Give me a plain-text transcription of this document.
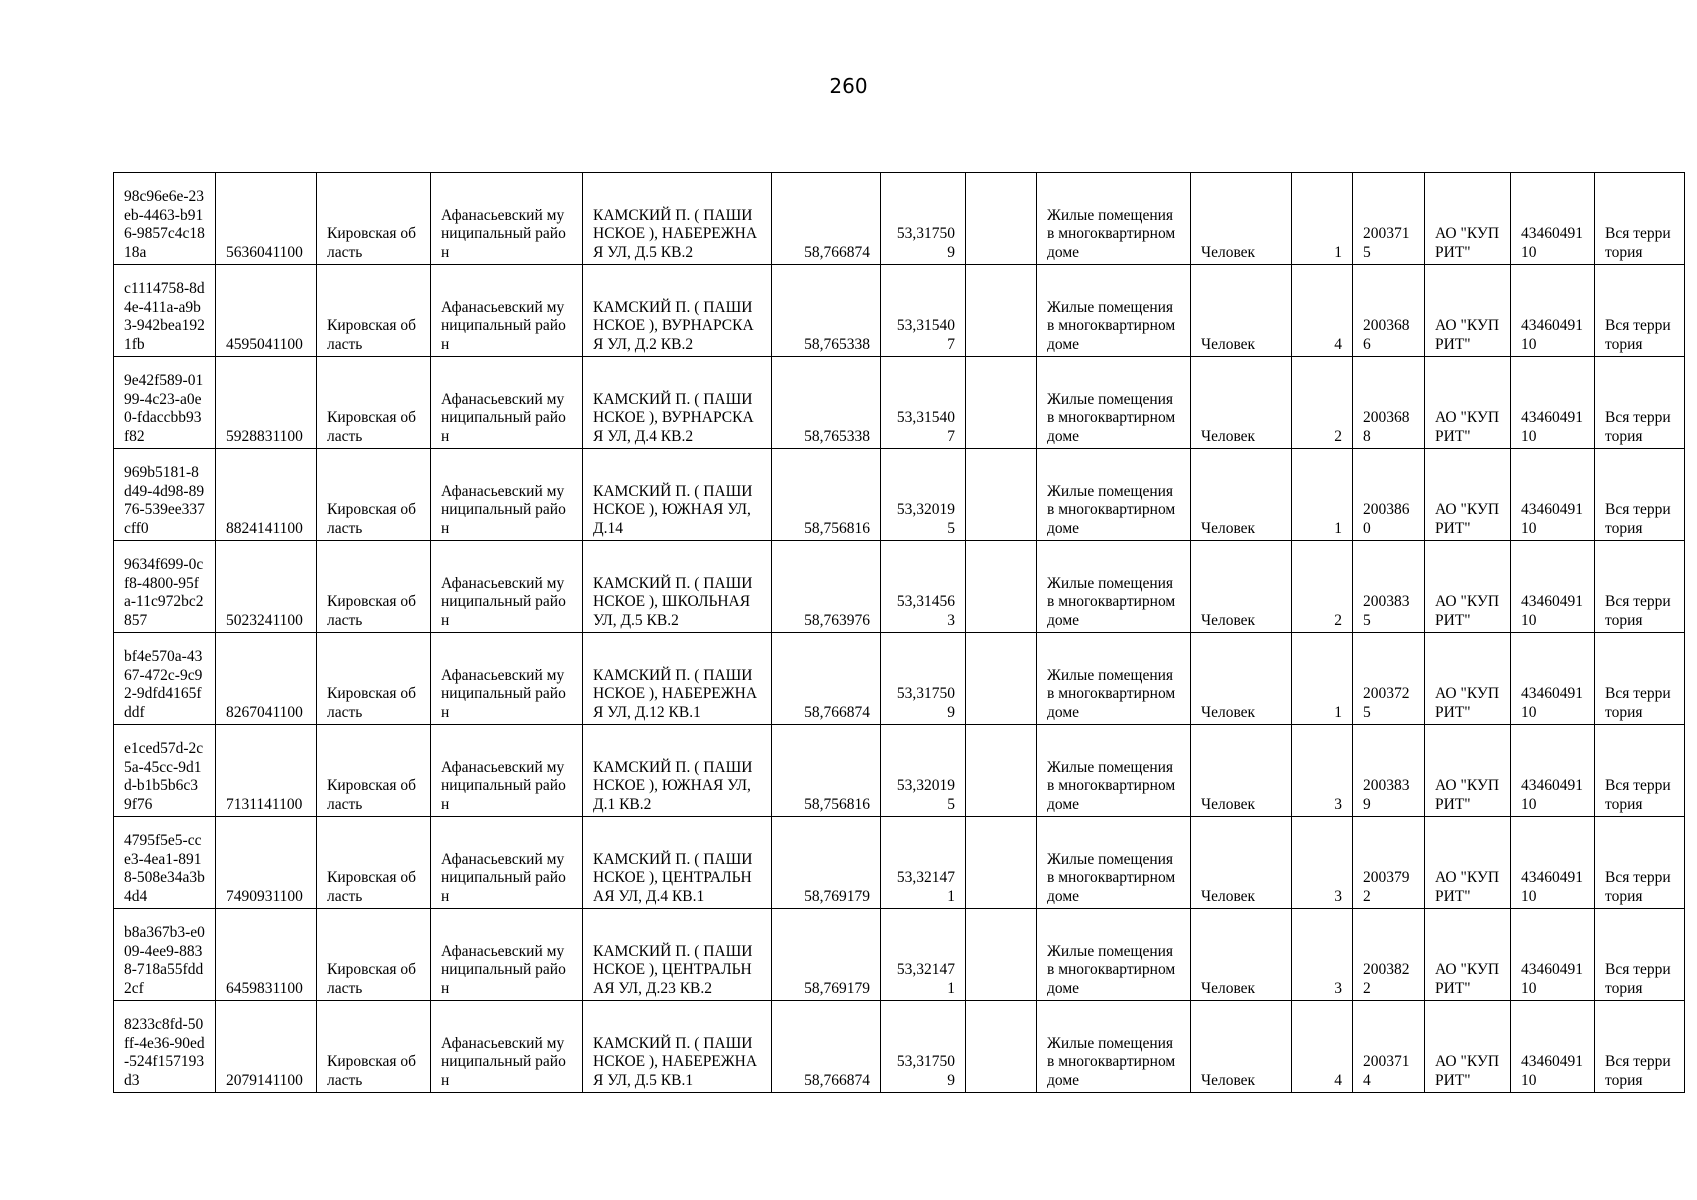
260
98c96e6e-23eb-4463-b916-9857c4c1818a	5636041100	Кировская область	Афанасьевский муниципальный район	КАМСКИЙ П. ( ПАШИНСКОЕ ), НАБЕРЕЖНАЯ УЛ, Д.5 КВ.2	58,766874	53,317509		Жилые помещения в многоквартирном доме	Человек	1	2003715	АО "КУПРИТ"	4346049110	Вся территория
c1114758-8d4e-411a-a9b3-942bea1921fb	4595041100	Кировская область	Афанасьевский муниципальный район	КАМСКИЙ П. ( ПАШИНСКОЕ ), ВУРНАРСКАЯ УЛ, Д.2 КВ.2	58,765338	53,315407		Жилые помещения в многоквартирном доме	Человек	4	2003686	АО "КУПРИТ"	4346049110	Вся территория
9e42f589-0199-4c23-a0e0-fdaccbb93f82	5928831100	Кировская область	Афанасьевский муниципальный район	КАМСКИЙ П. ( ПАШИНСКОЕ ), ВУРНАРСКАЯ УЛ, Д.4 КВ.2	58,765338	53,315407		Жилые помещения в многоквартирном доме	Человек	2	2003688	АО "КУПРИТ"	4346049110	Вся территория
969b5181-8d49-4d98-8976-539ee337cff0	8824141100	Кировская область	Афанасьевский муниципальный район	КАМСКИЙ П. ( ПАШИНСКОЕ ), ЮЖНАЯ УЛ, Д.14	58,756816	53,320195		Жилые помещения в многоквартирном доме	Человек	1	2003860	АО "КУПРИТ"	4346049110	Вся территория
9634f699-0cf8-4800-95fa-11c972bc2857	5023241100	Кировская область	Афанасьевский муниципальный район	КАМСКИЙ П. ( ПАШИНСКОЕ ), ШКОЛЬНАЯ УЛ, Д.5 КВ.2	58,763976	53,314563		Жилые помещения в многоквартирном доме	Человек	2	2003835	АО "КУПРИТ"	4346049110	Вся территория
bf4e570a-4367-472c-9c92-9dfd4165fddf	8267041100	Кировская область	Афанасьевский муниципальный район	КАМСКИЙ П. ( ПАШИНСКОЕ ), НАБЕРЕЖНАЯ УЛ, Д.12 КВ.1	58,766874	53,317509		Жилые помещения в многоквартирном доме	Человек	1	2003725	АО "КУПРИТ"	4346049110	Вся территория
e1ced57d-2c5a-45cc-9d1d-b1b5b6c39f76	7131141100	Кировская область	Афанасьевский муниципальный район	КАМСКИЙ П. ( ПАШИНСКОЕ ), ЮЖНАЯ УЛ, Д.1 КВ.2	58,756816	53,320195		Жилые помещения в многоквартирном доме	Человек	3	2003839	АО "КУПРИТ"	4346049110	Вся территория
4795f5e5-cce3-4ea1-8918-508e34a3b4d4	7490931100	Кировская область	Афанасьевский муниципальный район	КАМСКИЙ П. ( ПАШИНСКОЕ ), ЦЕНТРАЛЬНАЯ УЛ, Д.4 КВ.1	58,769179	53,321471		Жилые помещения в многоквартирном доме	Человек	3	2003792	АО "КУПРИТ"	4346049110	Вся территория
b8a367b3-e009-4ee9-8838-718a55fdd2cf	6459831100	Кировская область	Афанасьевский муниципальный район	КАМСКИЙ П. ( ПАШИНСКОЕ ), ЦЕНТРАЛЬНАЯ УЛ, Д.23 КВ.2	58,769179	53,321471		Жилые помещения в многоквартирном доме	Человек	3	2003822	АО "КУПРИТ"	4346049110	Вся территория
8233c8fd-50ff-4e36-90ed-524f157193d3	2079141100	Кировская область	Афанасьевский муниципальный район	КАМСКИЙ П. ( ПАШИНСКОЕ ), НАБЕРЕЖНАЯ УЛ, Д.5 КВ.1	58,766874	53,317509		Жилые помещения в многоквартирном доме	Человек	4	2003714	АО "КУПРИТ"	4346049110	Вся территория
